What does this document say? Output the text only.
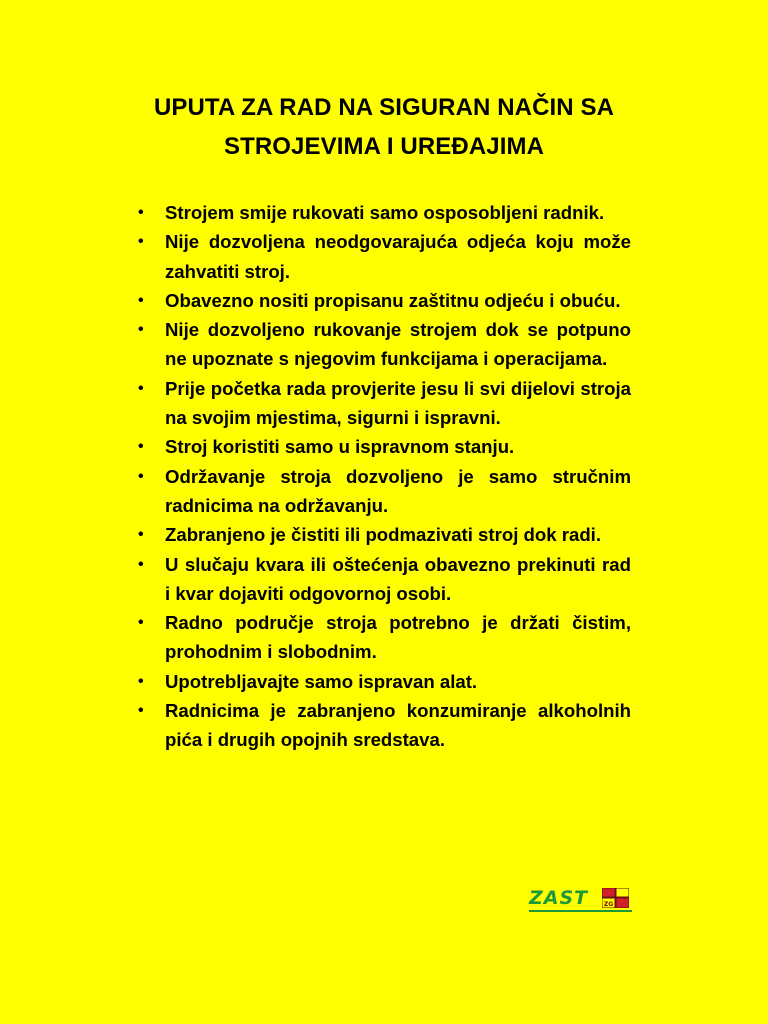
UPUTA ZA RAD NA SIGURAN NAČIN SA
STROJEVIMA I UREĐAJIMA
• Strojem smije rukovati samo osposobljeni radnik.
• Nije dozvoljena neodgovarajuća odjeća koju može zahvatiti stroj.
• Obavezno nositi propisanu zaštitnu odjeću i obuću.
• Nije dozvoljeno rukovanje strojem dok se potpuno ne upoznate s njegovim funkcijama i operacijama.
• Prije početka rada provjerite jesu li svi dijelovi stroja na svojim mjestima, sigurni i ispravni.
• Stroj koristiti samo u ispravnom stanju.
• Održavanje stroja dozvoljeno je samo stručnim radnicima na održavanju.
• Zabranjeno je čistiti ili podmazivati stroj dok radi.
• U slučaju kvara ili oštećenja obavezno prekinuti rad i kvar dojaviti odgovornoj osobi.
• Radno područje stroja potrebno je držati čistim, prohodnim i slobodnim.
• Upotrebljavajte samo ispravan alat.
• Radnicima je zabranjeno konzumiranje alkoholnih pića i drugih opojnih sredstava.
ZAST	ZG
